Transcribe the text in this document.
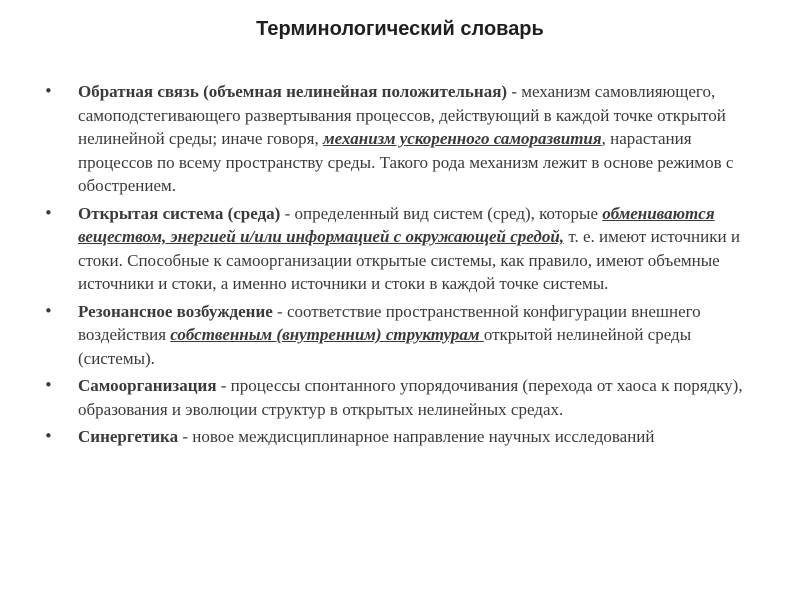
Терминологический словарь
•	Обратная связь (объемная нелинейная положительная) - механизм самовлияющего, самоподстегивающего развертывания процессов, действующий в каждой точке открытой нелинейной среды; иначе говоря, механизм ускоренного саморазвития, нарастания процессов по всему пространству среды. Такого рода механизм лежит в основе режимов с обострением.
•	Открытая система (среда) - определенный вид систем (сред), которые обмениваются веществом, энергией и/или информацией с окружающей средой, т. е. имеют источники и стоки. Способные к самоорганизации открытые системы, как правило, имеют объемные источники и стоки, а именно источники и стоки в каждой точке системы.
•	Резонансное возбуждение - соответствие пространственной конфигурации внешнего воздействия собственным (внутренним) структурам открытой нелинейной среды (системы).
•	Самоорганизация - процессы спонтанного упорядочивания (перехода от хаоса к порядку), образования и эволюции структур в открытых нелинейных средах.
•	Синергетика - новое междисциплинарное направление научных исследований
